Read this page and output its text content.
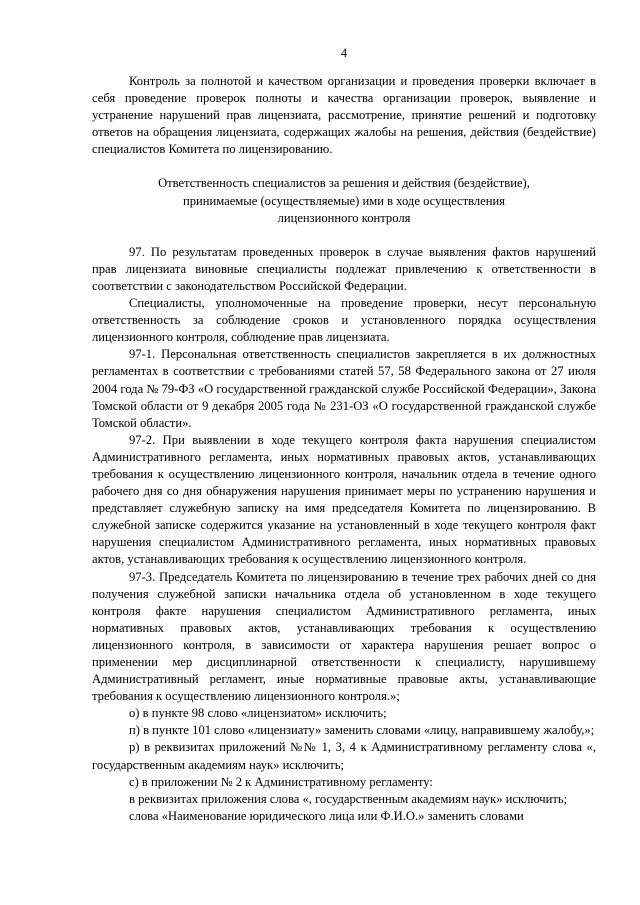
4

Контроль за полнотой и качеством организации и проведения проверки включает в себя проведение проверок полноты и качества организации проверок, выявление и устранение нарушений прав лицензиата, рассмотрение, принятие решений и подготовку ответов на обращения лицензиата, содержащих жалобы на решения, действия (бездействие) специалистов Комитета по лицензированию.

Ответственность специалистов за решения и действия (бездействие),
принимаемые (осуществляемые) ими в ходе осуществления
лицензионного контроля

97. По результатам проведенных проверок в случае выявления фактов нарушений прав лицензиата виновные специалисты подлежат привлечению к ответственности в соответствии с законодательством Российской Федерации.

Специалисты, уполномоченные на проведение проверки, несут персональную ответственность за соблюдение сроков и установленного порядка осуществления лицензионного контроля, соблюдение прав лицензиата.

97-1. Персональная ответственность специалистов закрепляется в их должностных регламентах в соответствии с требованиями статей 57, 58 Федерального закона от 27 июля 2004 года № 79-ФЗ «О государственной гражданской службе Российской Федерации», Закона Томской области от 9 декабря 2005 года № 231-ОЗ «О государственной гражданской службе Томской области».

97-2. При выявлении в ходе текущего контроля факта нарушения специалистом Административного регламента, иных нормативных правовых актов, устанавливающих требования к осуществлению лицензионного контроля, начальник отдела в течение одного рабочего дня со дня обнаружения нарушения принимает меры по устранению нарушения и представляет служебную записку на имя председателя Комитета по лицензированию. В служебной записке содержится указание на установленный в ходе текущего контроля факт нарушения специалистом Административного регламента, иных нормативных правовых актов, устанавливающих требования к осуществлению лицензионного контроля.

97-3. Председатель Комитета по лицензированию в течение трех рабочих дней со дня получения служебной записки начальника отдела об установленном в ходе текущего контроля факте нарушения специалистом Административного регламента, иных нормативных правовых актов, устанавливающих требования к осуществлению лицензионного контроля, в зависимости от характера нарушения решает вопрос о применении мер дисциплинарной ответственности к специалисту, нарушившему Административный регламент, иные нормативные правовые акты, устанавливающие требования к осуществлению лицензионного контроля.»;

о) в пункте 98 слово «лицензиатом» исключить;

п) в пункте 101 слово «лицензиату» заменить словами «лицу, направившему жалобу,»;

р) в реквизитах приложений №№ 1, 3, 4 к Административному регламенту слова «, государственным академиям наук» исключить;

с) в приложении № 2 к Административному регламенту:

в реквизитах приложения слова «, государственным академиям наук» исключить;

слова «Наименование юридического лица или Ф.И.О.» заменить словами
